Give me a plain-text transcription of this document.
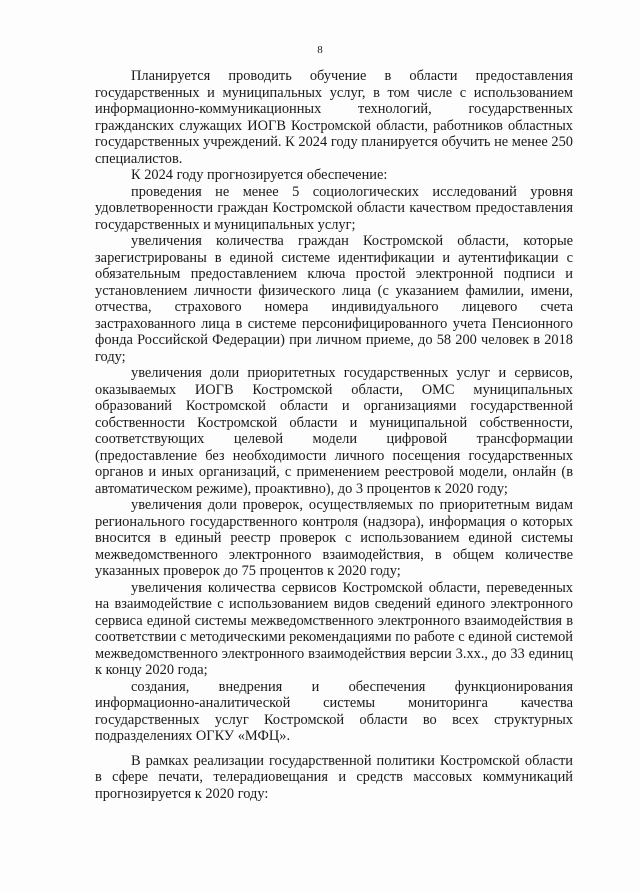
8

Планируется проводить обучение в области предоставления государственных и муниципальных услуг, в том числе с использованием информационно-коммуникационных технологий, государственных гражданских служащих ИОГВ Костромской области, работников областных государственных учреждений. К 2024 году планируется обучить не менее 250 специалистов.

К 2024 году прогнозируется обеспечение:

проведения не менее 5 социологических исследований уровня удовлетворенности граждан Костромской области качеством предоставления государственных и муниципальных услуг;

увеличения количества граждан Костромской области, которые зарегистрированы в единой системе идентификации и аутентификации с обязательным предоставлением ключа простой электронной подписи и установлением личности физического лица (с указанием фамилии, имени, отчества, страхового номера индивидуального лицевого счета застрахованного лица в системе персонифицированного учета Пенсионного фонда Российской Федерации) при личном приеме, до 58 200 человек в 2018 году;

увеличения доли приоритетных государственных услуг и сервисов, оказываемых ИОГВ Костромской области, ОМС муниципальных образований Костромской области и организациями государственной собственности Костромской области и муниципальной собственности, соответствующих целевой модели цифровой трансформации (предоставление без необходимости личного посещения государственных органов и иных организаций, с применением реестровой модели, онлайн (в автоматическом режиме), проактивно), до 3 процентов к 2020 году;

увеличения доли проверок, осуществляемых по приоритетным видам регионального государственного контроля (надзора), информация о которых вносится в единый реестр проверок с использованием единой системы межведомственного электронного взаимодействия, в общем количестве указанных проверок до 75 процентов к 2020 году;

увеличения количества сервисов Костромской области, переведенных на взаимодействие с использованием видов сведений единого электронного сервиса единой системы межведомственного электронного взаимодействия в соответствии с методическими рекомендациями по работе с единой системой межведомственного электронного взаимодействия версии 3.хх., до 33 единиц к концу 2020 года;

создания, внедрения и обеспечения функционирования информационно-аналитической системы мониторинга качества государственных услуг Костромской области во всех структурных подразделениях ОГКУ «МФЦ».

В рамках реализации государственной политики Костромской области в сфере печати, телерадиовещания и средств массовых коммуникаций прогнозируется к 2020 году:
